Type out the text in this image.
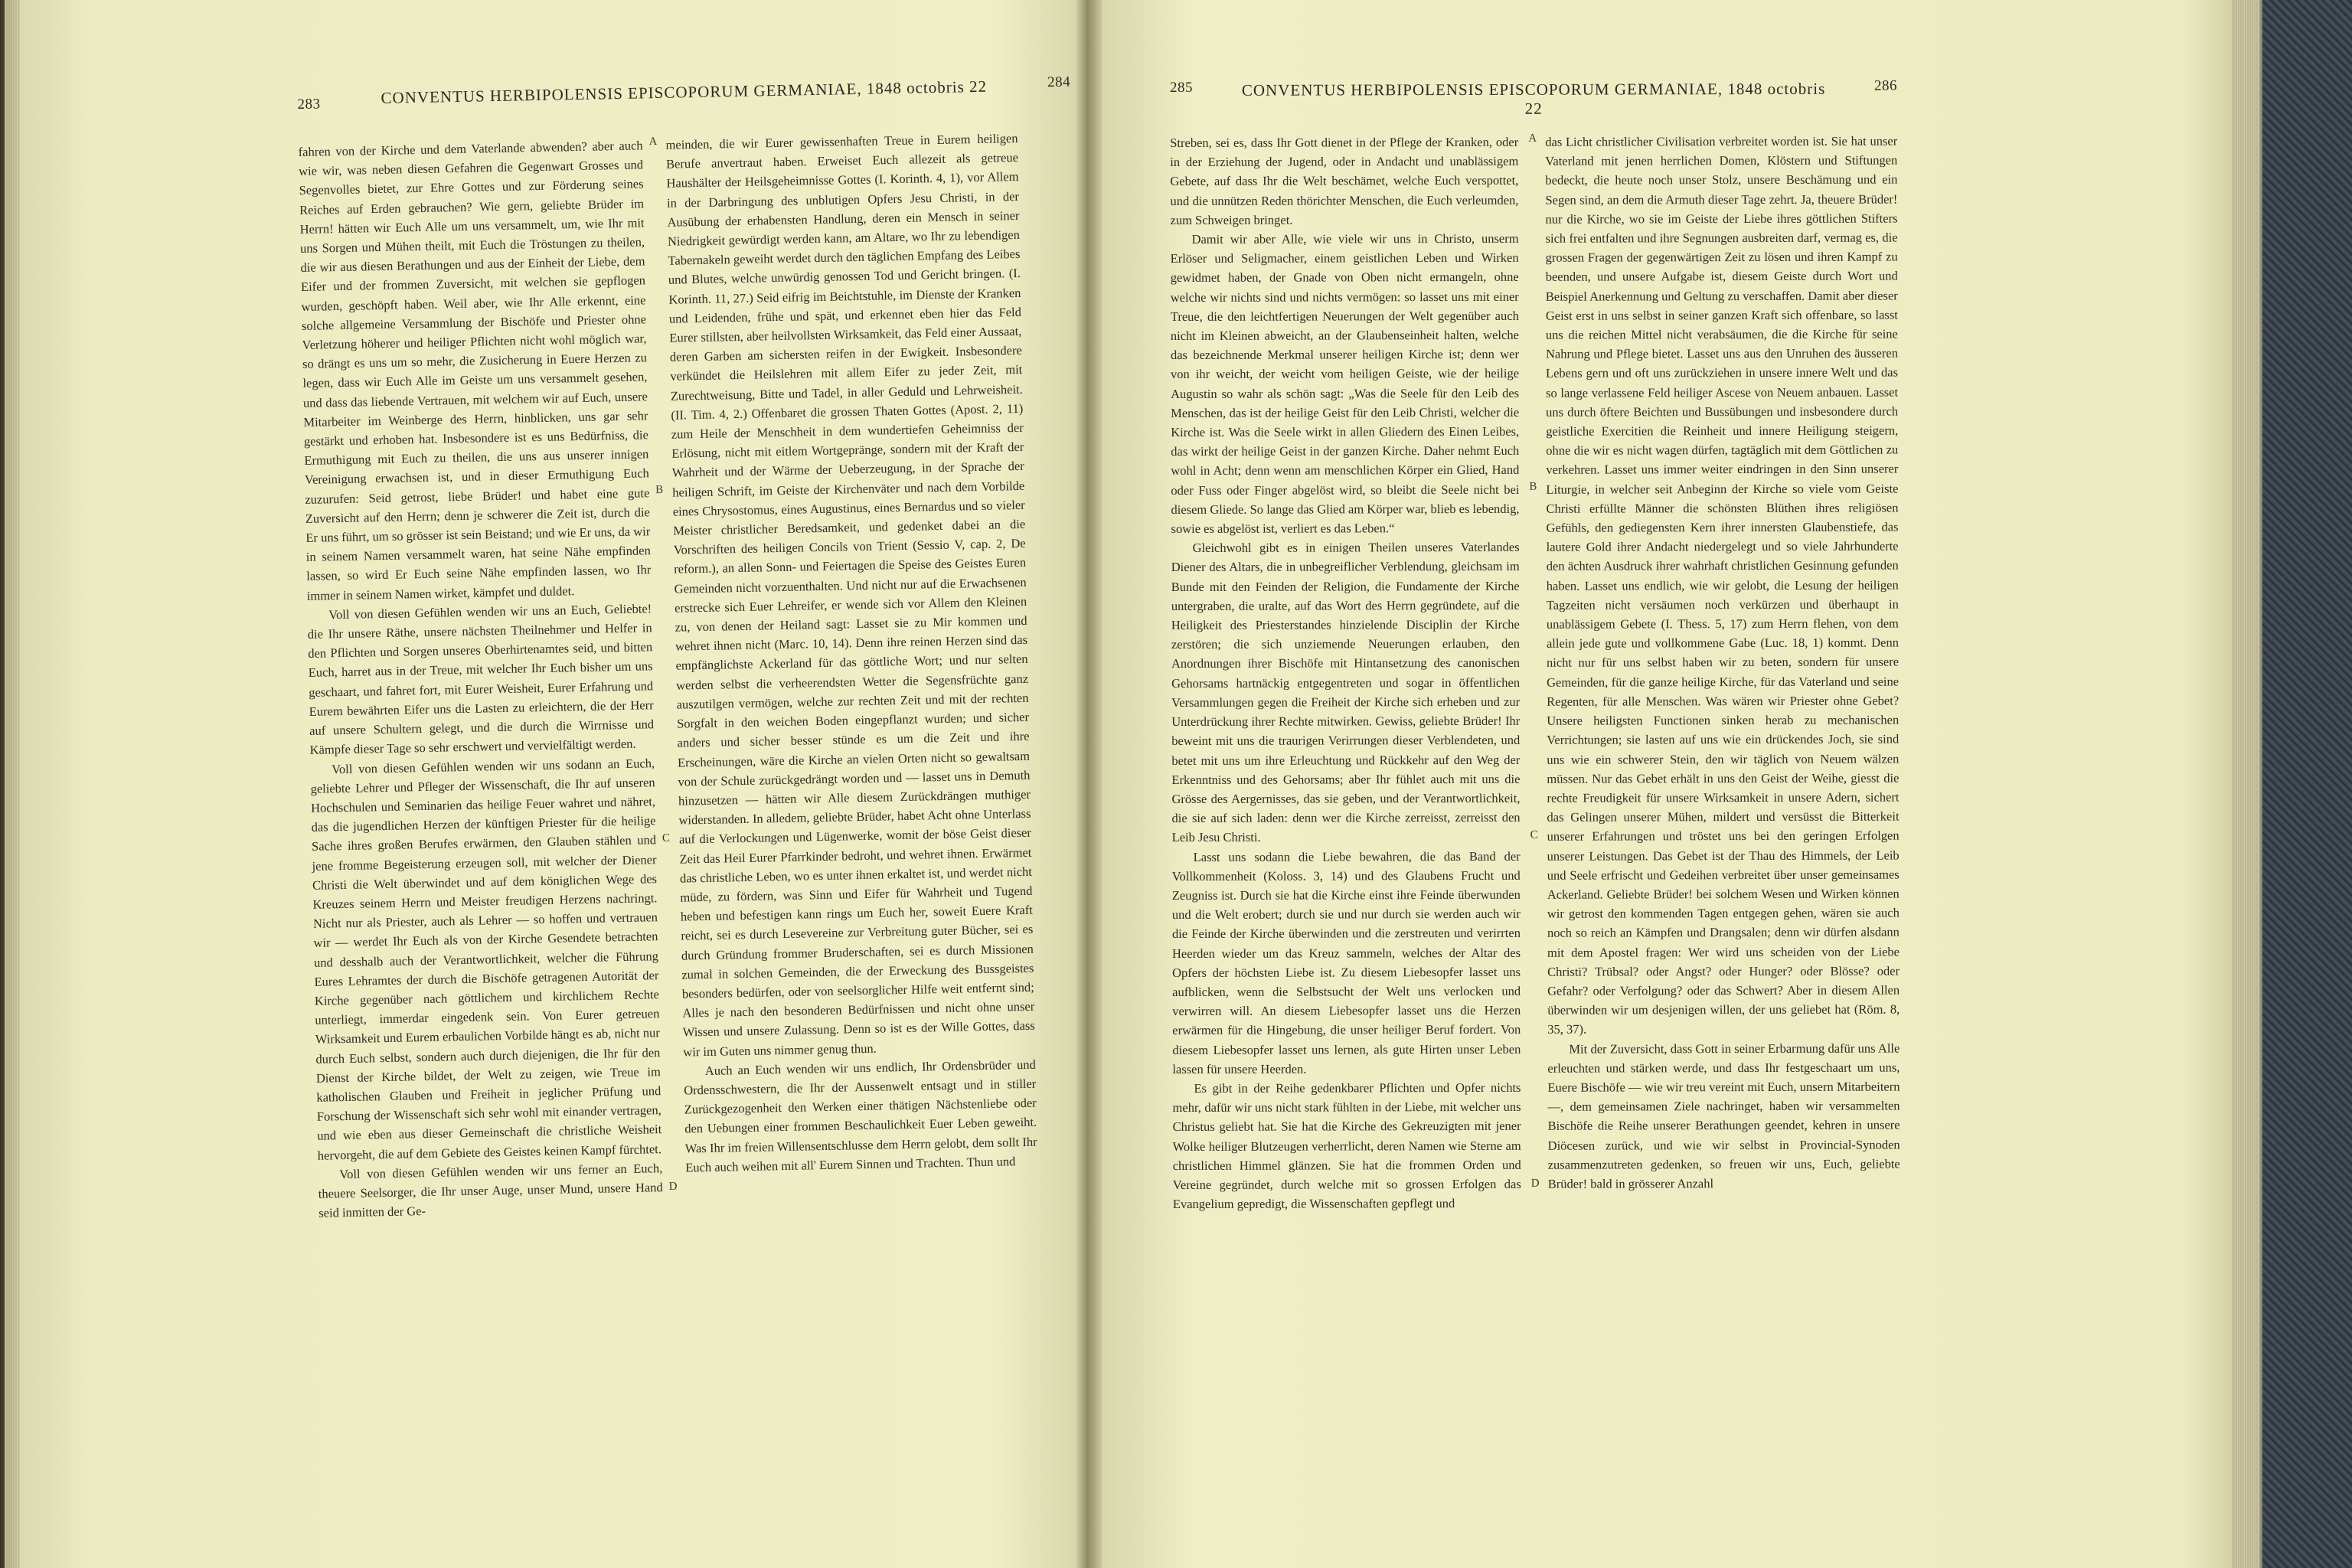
283	CONVENTUS HERBIPOLENSIS EPISCOPORUM GERMANIAE, 1848 octobris 22	284

fahren von der Kirche und dem Vaterlande abwenden? aber auch wie wir, was neben diesen Gefahren die Gegenwart Grosses und Segenvolles bietet, zur Ehre Gottes und zur Förderung seines Reiches auf Erden gebrauchen? Wie gern, geliebte Brüder im Herrn! hätten wir Euch Alle um uns versammelt, um, wie Ihr mit uns Sorgen und Mühen theilt, mit Euch die Tröstungen zu theilen, die wir aus diesen Berathungen und aus der Einheit der Liebe, dem Eifer und der frommen Zuversicht, mit welchen sie gepflogen wurden, geschöpft haben. Weil aber, wie Ihr Alle erkennt, eine solche allgemeine Versammlung der Bischöfe und Priester ohne Verletzung höherer und heiliger Pflichten nicht wohl möglich war, so drängt es uns um so mehr, die Zusicherung in Euere Herzen zu legen, dass wir Euch Alle im Geiste um uns versammelt gesehen, und dass das liebende Vertrauen, mit welchem wir auf Euch, unsere Mitarbeiter im Weinberge des Herrn, hinblicken, uns gar sehr gestärkt und erhoben hat. Insbesondere ist es uns Bedürfniss, die Ermuthigung mit Euch zu theilen, die uns aus unserer innigen Vereinigung erwachsen ist, und in dieser Ermuthigung Euch zuzurufen: Seid getrost, liebe Brüder! und habet eine gute Zuversicht auf den Herrn; denn je schwerer die Zeit ist, durch die Er uns führt, um so grösser ist sein Beistand; und wie Er uns, da wir in seinem Namen versammelt waren, hat seine Nähe empfinden lassen, so wird Er Euch seine Nähe empfinden lassen, wo Ihr immer in seinem Namen wirket, kämpfet und duldet.

Voll von diesen Gefühlen wenden wir uns an Euch, Geliebte! die Ihr unsere Räthe, unsere nächsten Theilnehmer und Helfer in den Pflichten und Sorgen unseres Oberhirtenamtes seid, und bitten Euch, harret aus in der Treue, mit welcher Ihr Euch bisher um uns geschaart, und fahret fort, mit Eurer Weisheit, Eurer Erfahrung und Eurem bewährten Eifer uns die Lasten zu erleichtern, die der Herr auf unsere Schultern gelegt, und die durch die Wirrnisse und Kämpfe dieser Tage so sehr erschwert und vervielfältigt werden.

Voll von diesen Gefühlen wenden wir uns sodann an Euch, geliebte Lehrer und Pfleger der Wissenschaft, die Ihr auf unseren Hochschulen und Seminarien das heilige Feuer wahret und nähret, das die jugendlichen Herzen der künftigen Priester für die heilige Sache ihres großen Berufes erwärmen, den Glauben stählen und jene fromme Begeisterung erzeugen soll, mit welcher der Diener Christi die Welt überwindet und auf dem königlichen Wege des Kreuzes seinem Herrn und Meister freudigen Herzens nachringt. Nicht nur als Priester, auch als Lehrer — so hoffen und vertrauen wir — werdet Ihr Euch als von der Kirche Gesendete betrachten und desshalb auch der Verantwortlichkeit, welcher die Führung Eures Lehramtes der durch die Bischöfe getragenen Autorität der Kirche gegenüber nach göttlichem und kirchlichem Rechte unterliegt, immerdar eingedenk sein. Von Eurer getreuen Wirksamkeit und Eurem erbaulichen Vorbilde hängt es ab, nicht nur durch Euch selbst, sondern auch durch diejenigen, die Ihr für den Dienst der Kirche bildet, der Welt zu zeigen, wie Treue im katholischen Glauben und Freiheit in jeglicher Prüfung und Forschung der Wissenschaft sich sehr wohl mit einander vertragen, und wie eben aus dieser Gemeinschaft die christliche Weisheit hervorgeht, die auf dem Gebiete des Geistes keinen Kampf fürchtet.

Voll von diesen Gefühlen wenden wir uns ferner an Euch, theuere Seelsorger, die Ihr unser Auge, unser Mund, unsere Hand seid inmitten der Ge-

A
B
C
D

meinden, die wir Eurer gewissenhaften Treue in Eurem heiligen Berufe anvertraut haben. Erweiset Euch allezeit als getreue Haushälter der Heilsgeheimnisse Gottes (I. Korinth. 4, 1), vor Allem in der Darbringung des unblutigen Opfers Jesu Christi, in der Ausübung der erhabensten Handlung, deren ein Mensch in seiner Niedrigkeit gewürdigt werden kann, am Altare, wo Ihr zu lebendigen Tabernakeln geweiht werdet durch den täglichen Empfang des Leibes und Blutes, welche unwürdig genossen Tod und Gericht bringen. (I. Korinth. 11, 27.) Seid eifrig im Beichtstuhle, im Dienste der Kranken und Leidenden, frühe und spät, und erkennet eben hier das Feld Eurer stillsten, aber heilvollsten Wirksamkeit, das Feld einer Aussaat, deren Garben am sichersten reifen in der Ewigkeit. Insbesondere verkündet die Heilslehren mit allem Eifer zu jeder Zeit, mit Zurechtweisung, Bitte und Tadel, in aller Geduld und Lehrweisheit. (II. Tim. 4, 2.) Offenbaret die grossen Thaten Gottes (Apost. 2, 11) zum Heile der Menschheit in dem wundertiefen Geheimniss der Erlösung, nicht mit eitlem Wortgepränge, sondern mit der Kraft der Wahrheit und der Wärme der Ueberzeugung, in der Sprache der heiligen Schrift, im Geiste der Kirchenväter und nach dem Vorbilde eines Chrysostomus, eines Augustinus, eines Bernardus und so vieler Meister christlicher Beredsamkeit, und gedenket dabei an die Vorschriften des heiligen Concils von Trient (Sessio V, cap. 2, De reform.), an allen Sonn- und Feiertagen die Speise des Geistes Euren Gemeinden nicht vorzuenthalten. Und nicht nur auf die Erwachsenen erstrecke sich Euer Lehreifer, er wende sich vor Allem den Kleinen zu, von denen der Heiland sagt: Lasset sie zu Mir kommen und wehret ihnen nicht (Marc. 10, 14). Denn ihre reinen Herzen sind das empfänglichste Ackerland für das göttliche Wort; und nur selten werden selbst die verheerendsten Wetter die Segensfrüchte ganz auszutilgen vermögen, welche zur rechten Zeit und mit der rechten Sorgfalt in den weichen Boden eingepflanzt wurden; und sicher anders und sicher besser stünde es um die Zeit und ihre Erscheinungen, wäre die Kirche an vielen Orten nicht so gewaltsam von der Schule zurückgedrängt worden und — lasset uns in Demuth hinzusetzen — hätten wir Alle diesem Zurückdrängen muthiger widerstanden. In alledem, geliebte Brüder, habet Acht ohne Unterlass auf die Verlockungen und Lügenwerke, womit der böse Geist dieser Zeit das Heil Eurer Pfarrkinder bedroht, und wehret ihnen. Erwärmet das christliche Leben, wo es unter ihnen erkaltet ist, und werdet nicht müde, zu fördern, was Sinn und Eifer für Wahrheit und Tugend heben und befestigen kann rings um Euch her, soweit Euere Kraft reicht, sei es durch Lesevereine zur Verbreitung guter Bücher, sei es durch Gründung frommer Bruderschaften, sei es durch Missionen zumal in solchen Gemeinden, die der Erweckung des Bussgeistes besonders bedürfen, oder von seelsorglicher Hilfe weit entfernt sind; Alles je nach den besonderen Bedürfnissen und nicht ohne unser Wissen und unsere Zulassung. Denn so ist es der Wille Gottes, dass wir im Guten uns nimmer genug thun.

Auch an Euch wenden wir uns endlich, Ihr Ordensbrüder und Ordensschwestern, die Ihr der Aussenwelt entsagt und in stiller Zurückgezogenheit den Werken einer thätigen Nächstenliebe oder den Uebungen einer frommen Beschaulichkeit Euer Leben geweiht. Was Ihr im freien Willensentschlusse dem Herrn gelobt, dem sollt Ihr Euch auch weihen mit all' Eurem Sinnen und Trachten. Thun und

285	CONVENTUS HERBIPOLENSIS EPISCOPORUM GERMANIAE, 1848 octobris 22
286

Streben, sei es, dass Ihr Gott dienet in der Pflege der Kranken, oder in der Erziehung der Jugend, oder in Andacht und unablässigem Gebete, auf dass Ihr die Welt beschämet, welche Euch verspottet, und die unnützen Reden thörichter Menschen, die Euch verleumden, zum Schweigen bringet.

Damit wir aber Alle, wie viele wir uns in Christo, unserm Erlöser und Seligmacher, einem geistlichen Leben und Wirken gewidmet haben, der Gnade von Oben nicht ermangeln, ohne welche wir nichts sind und nichts vermögen: so lasset uns mit einer Treue, die den leichtfertigen Neuerungen der Welt gegenüber auch nicht im Kleinen abweicht, an der Glaubenseinheit halten, welche das bezeichnende Merkmal unserer heiligen Kirche ist; denn wer von ihr weicht, der weicht vom heiligen Geiste, wie der heilige Augustin so wahr als schön sagt: „Was die Seele für den Leib des Menschen, das ist der heilige Geist für den Leib Christi, welcher die Kirche ist. Was die Seele wirkt in allen Gliedern des Einen Leibes, das wirkt der heilige Geist in der ganzen Kirche. Daher nehmt Euch wohl in Acht; denn wenn am menschlichen Körper ein Glied, Hand oder Fuss oder Finger abgelöst wird, so bleibt die Seele nicht bei diesem Gliede. So lange das Glied am Körper war, blieb es lebendig, sowie es abgelöst ist, verliert es das Leben.“

Gleichwohl gibt es in einigen Theilen unseres Vaterlandes Diener des Altars, die in unbegreiflicher Verblendung, gleichsam im Bunde mit den Feinden der Religion, die Fundamente der Kirche untergraben, die uralte, auf das Wort des Herrn gegründete, auf die Heiligkeit des Priesterstandes hinzielende Disciplin der Kirche zerstören; die sich unziemende Neuerungen erlauben, den Anordnungen ihrer Bischöfe mit Hintansetzung des canonischen Gehorsams hartnäckig entgegentreten und sogar in öffentlichen Versammlungen gegen die Freiheit der Kirche sich erheben und zur Unterdrückung ihrer Rechte mitwirken. Gewiss, geliebte Brüder! Ihr beweint mit uns die traurigen Verirrungen dieser Verblendeten, und betet mit uns um ihre Erleuchtung und Rückkehr auf den Weg der Erkenntniss und des Gehorsams; aber Ihr fühlet auch mit uns die Grösse des Aergernisses, das sie geben, und der Verantwortlichkeit, die sie auf sich laden: denn wer die Kirche zerreisst, zerreisst den Leib Jesu Christi.

Lasst uns sodann die Liebe bewahren, die das Band der Vollkommenheit (Koloss. 3, 14) und des Glaubens Frucht und Zeugniss ist. Durch sie hat die Kirche einst ihre Feinde überwunden und die Welt erobert; durch sie und nur durch sie werden auch wir die Feinde der Kirche überwinden und die zerstreuten und verirrten Heerden wieder um das Kreuz sammeln, welches der Altar des Opfers der höchsten Liebe ist. Zu diesem Liebesopfer lasset uns aufblicken, wenn die Selbstsucht der Welt uns verlocken und verwirren will. An diesem Liebesopfer lasset uns die Herzen erwärmen für die Hingebung, die unser heiliger Beruf fordert. Von diesem Liebesopfer lasset uns lernen, als gute Hirten unser Leben lassen für unsere Heerden.

Es gibt in der Reihe gedenkbarer Pflichten und Opfer nichts mehr, dafür wir uns nicht stark fühlten in der Liebe, mit welcher uns Christus geliebt hat. Sie hat die Kirche des Gekreuzigten mit jener Wolke heiliger Blutzeugen verherrlicht, deren Namen wie Sterne am christlichen Himmel glänzen. Sie hat die frommen Orden und Vereine gegründet, durch welche mit so grossen Erfolgen das Evangelium gepredigt, die Wissenschaften gepflegt und

A
B
C
D

das Licht christlicher Civilisation verbreitet worden ist. Sie hat unser Vaterland mit jenen herrlichen Domen, Klöstern und Stiftungen bedeckt, die heute noch unser Stolz, unsere Beschämung und ein Segen sind, an dem die Armuth dieser Tage zehrt. Ja, theuere Brüder! nur die Kirche, wo sie im Geiste der Liebe ihres göttlichen Stifters sich frei entfalten und ihre Segnungen ausbreiten darf, vermag es, die grossen Fragen der gegenwärtigen Zeit zu lösen und ihren Kampf zu beenden, und unsere Aufgabe ist, diesem Geiste durch Wort und Beispiel Anerkennung und Geltung zu verschaffen. Damit aber dieser Geist erst in uns selbst in seiner ganzen Kraft sich offenbare, so lasst uns die reichen Mittel nicht verabsäumen, die die Kirche für seine Nahrung und Pflege bietet. Lasset uns aus den Unruhen des äusseren Lebens gern und oft uns zurückziehen in unsere innere Welt und das so lange verlassene Feld heiliger Ascese von Neuem anbauen. Lasset uns durch öftere Beichten und Bussübungen und insbesondere durch geistliche Exercitien die Reinheit und innere Heiligung steigern, ohne die wir es nicht wagen dürfen, tagtäglich mit dem Göttlichen zu verkehren. Lasset uns immer weiter eindringen in den Sinn unserer Liturgie, in welcher seit Anbeginn der Kirche so viele vom Geiste Christi erfüllte Männer die schönsten Blüthen ihres religiösen Gefühls, den gediegensten Kern ihrer innersten Glaubenstiefe, das lautere Gold ihrer Andacht niedergelegt und so viele Jahrhunderte den ächten Ausdruck ihrer wahrhaft christlichen Gesinnung gefunden haben. Lasset uns endlich, wie wir gelobt, die Lesung der heiligen Tagzeiten nicht versäumen noch verkürzen und überhaupt in unablässigem Gebete (I. Thess. 5, 17) zum Herrn flehen, von dem allein jede gute und vollkommene Gabe (Luc. 18, 1) kommt. Denn nicht nur für uns selbst haben wir zu beten, sondern für unsere Gemeinden, für die ganze heilige Kirche, für das Vaterland und seine Regenten, für alle Menschen. Was wären wir Priester ohne Gebet? Unsere heiligsten Functionen sinken herab zu mechanischen Verrichtungen; sie lasten auf uns wie ein drückendes Joch, sie sind uns wie ein schwerer Stein, den wir täglich von Neuem wälzen müssen. Nur das Gebet erhält in uns den Geist der Weihe, giesst die rechte Freudigkeit für unsere Wirksamkeit in unsere Adern, sichert das Gelingen unserer Mühen, mildert und versüsst die Bitterkeit unserer Erfahrungen und tröstet uns bei den geringen Erfolgen unserer Leistungen. Das Gebet ist der Thau des Himmels, der Leib und Seele erfrischt und Gedeihen verbreitet über unser gemeinsames Ackerland. Geliebte Brüder! bei solchem Wesen und Wirken können wir getrost den kommenden Tagen entgegen gehen, wären sie auch noch so reich an Kämpfen und Drangsalen; denn wir dürfen alsdann mit dem Apostel fragen: Wer wird uns scheiden von der Liebe Christi? Trübsal? oder Angst? oder Hunger? oder Blösse? oder Gefahr? oder Verfolgung? oder das Schwert? Aber in diesem Allen überwinden wir um desjenigen willen, der uns geliebet hat (Röm. 8, 35, 37).

Mit der Zuversicht, dass Gott in seiner Erbarmung dafür uns Alle erleuchten und stärken werde, und dass Ihr festgeschaart um uns, Euere Bischöfe — wie wir treu vereint mit Euch, unsern Mitarbeitern —, dem gemeinsamen Ziele nachringet, haben wir versammelten Bischöfe die Reihe unserer Berathungen geendet, kehren in unsere Diöcesen zurück, und wie wir selbst in Provincial-Synoden zusammenzutreten gedenken, so freuen wir uns, Euch, geliebte Brüder! bald in grösserer Anzahl
